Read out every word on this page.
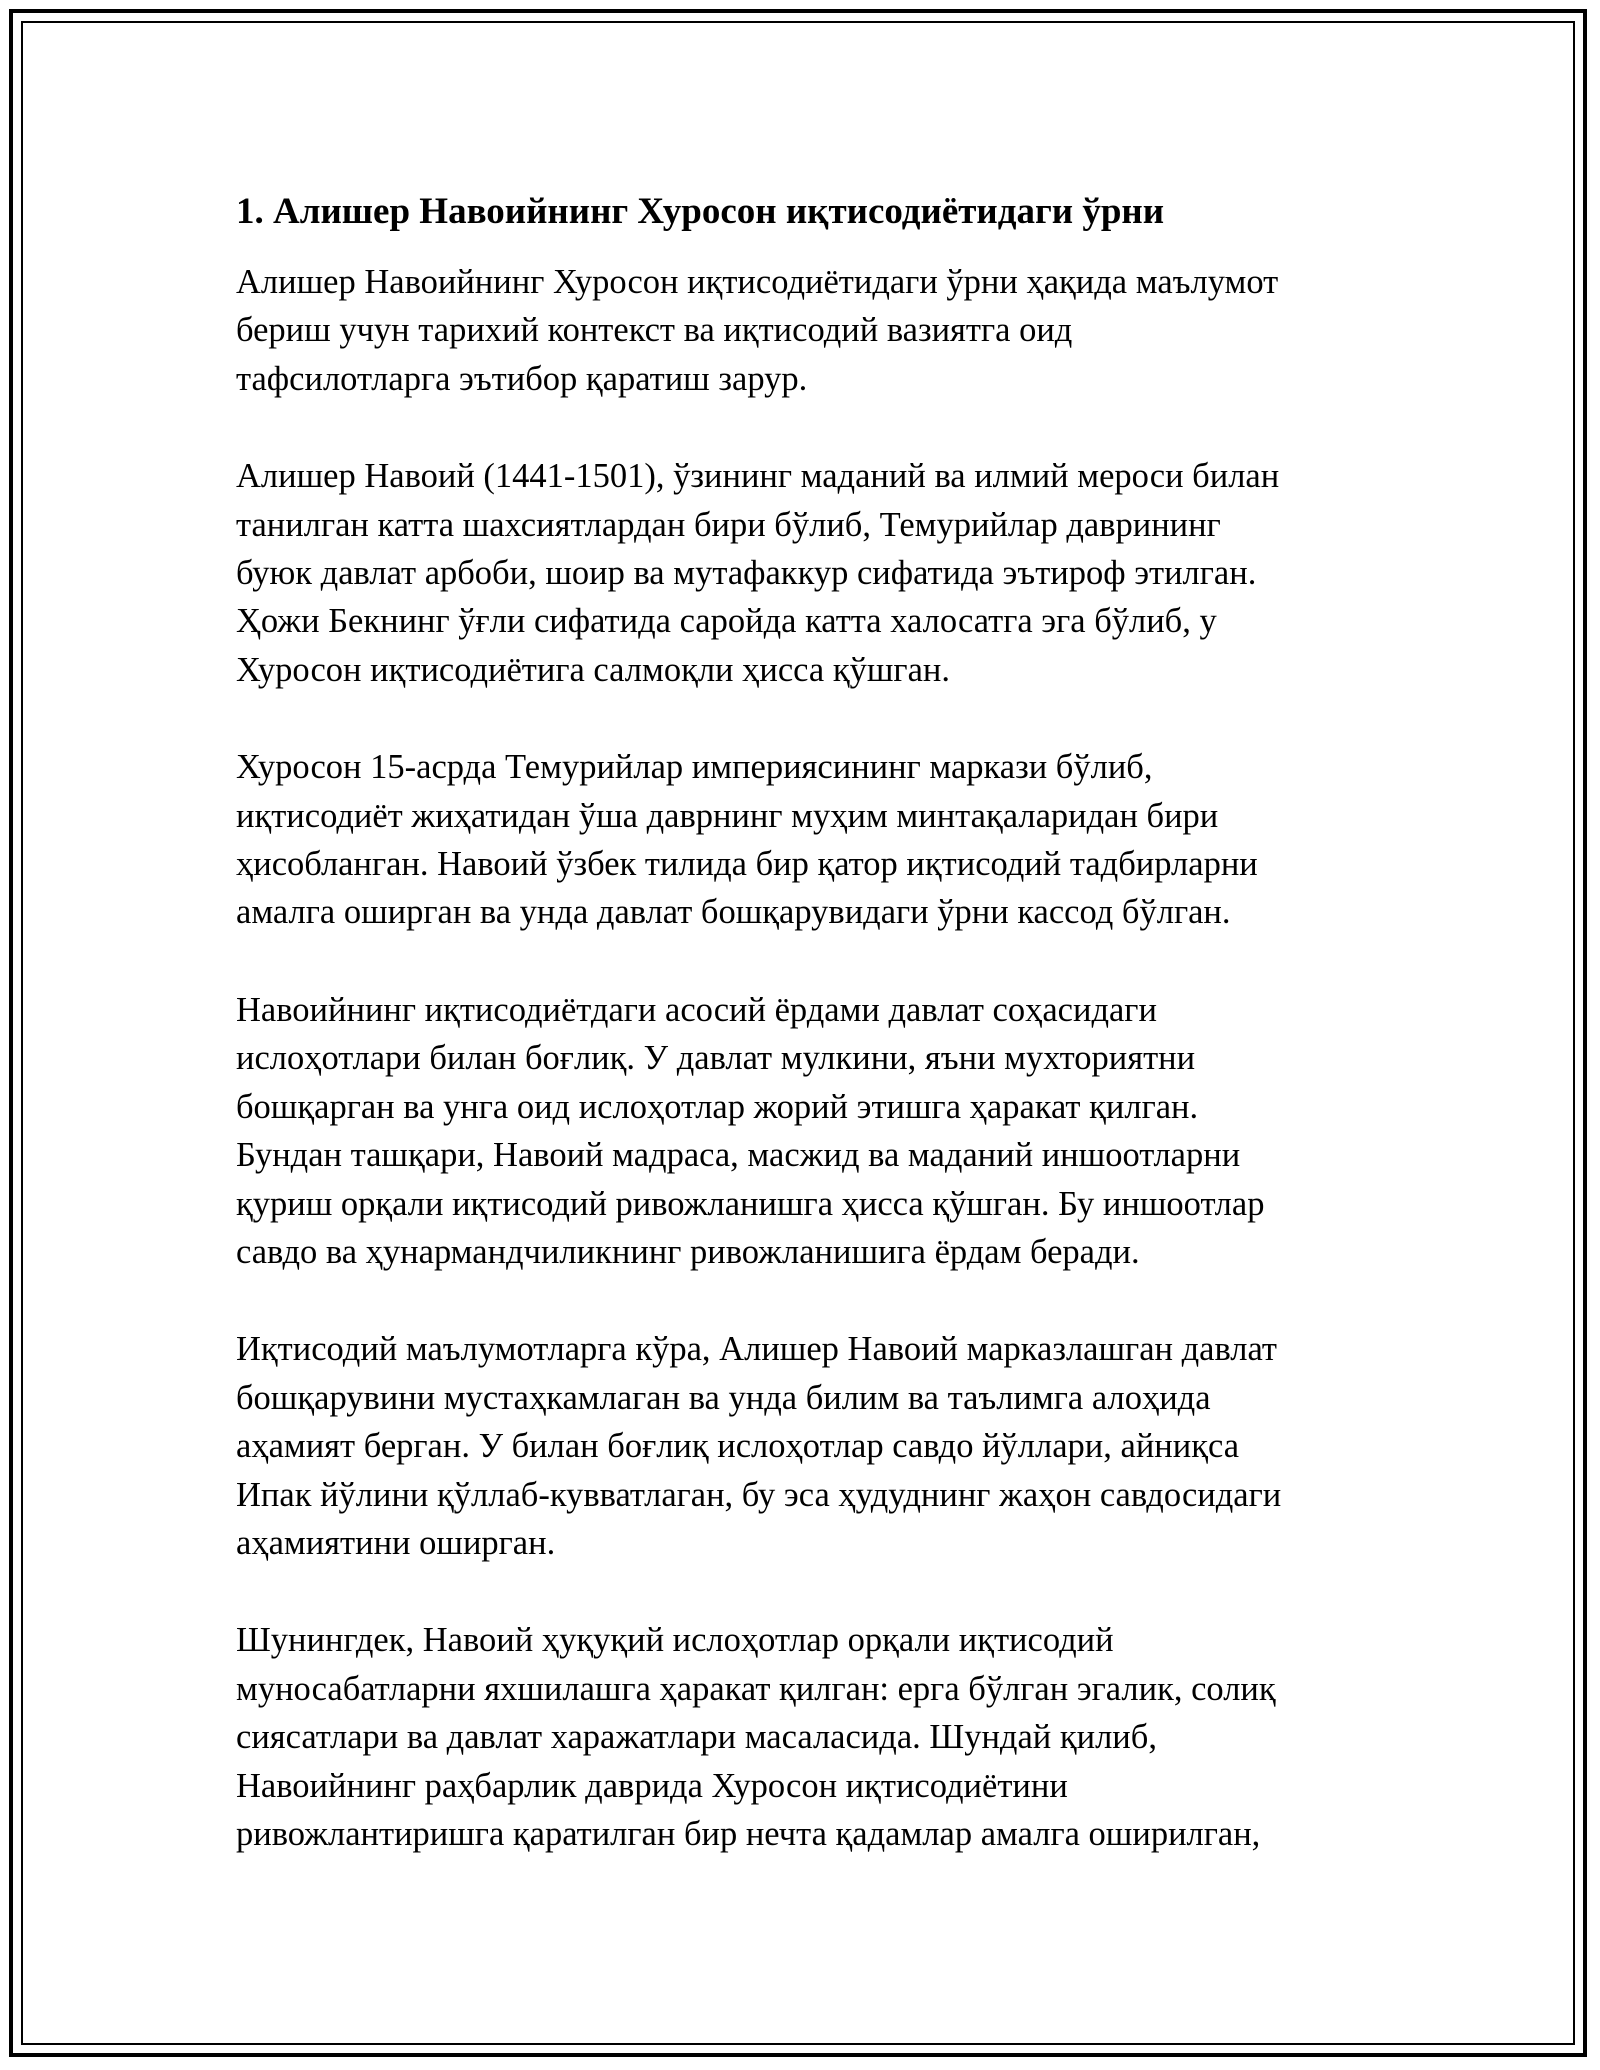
1. Алишер Навоийнинг Хуросон иқтисодиётидаги ўрни

Алишер Навоийнинг Хуросон иқтисодиётидаги ўрни ҳақида маълумот
бериш учун тарихий контекст ва иқтисодий вазиятга оид
тафсилотларга эътибор қаратиш зарур.

Алишер Навоий (1441-1501), ўзининг маданий ва илмий мероси билан
танилган катта шахсиятлардан бири бўлиб, Темурийлар даврининг
буюк давлат арбоби, шоир ва мутафаккур сифатида эътироф этилган.
Ҳожи Бекнинг ўғли сифатида саройда катта халосатга эга бўлиб, у
Хуросон иқтисодиётига салмоқли ҳисса қўшган.

Хуросон 15-асрда Темурийлар империясининг маркази бўлиб,
иқтисодиёт жиҳатидан ўша даврнинг муҳим минтақаларидан бири
ҳисобланган. Навоий ўзбек тилида бир қатор иқтисодий тадбирларни
амалга оширган ва унда давлат бошқарувидаги ўрни кассод бўлган.

Навоийнинг иқтисодиётдаги асосий ёрдами давлат соҳасидаги
ислоҳотлари билан боғлиқ. У давлат мулкини, яъни мухториятни
бошқарган ва унга оид ислоҳотлар жорий этишга ҳаракат қилган.
Бундан ташқари, Навоий мадраса, масжид ва маданий иншоотларни
қуриш орқали иқтисодий ривожланишга ҳисса қўшган. Бу иншоотлар
савдо ва ҳунармандчиликнинг ривожланишига ёрдам беради.

Иқтисодий маълумотларга кўра, Алишер Навоий марказлашган давлат
бошқарувини мустаҳкамлаган ва унда билим ва таълимга алоҳида
аҳамият берган. У билан боғлиқ ислоҳотлар савдо йўллари, айниқса
Ипак йўлини қўллаб-кувватлаган, бу эса ҳудуднинг жаҳон савдосидаги
аҳамиятини оширган.

Шунингдек, Навоий ҳуқуқий ислоҳотлар орқали иқтисодий
муносабатларни яхшилашга ҳаракат қилган: ерга бўлган эгалик, солиқ
сиясатлари ва давлат харажатлари масаласида. Шундай қилиб,
Навоийнинг раҳбарлик даврида Хуросон иқтисодиётини
ривожлантиришга қаратилган бир нечта қадамлар амалга оширилган,
